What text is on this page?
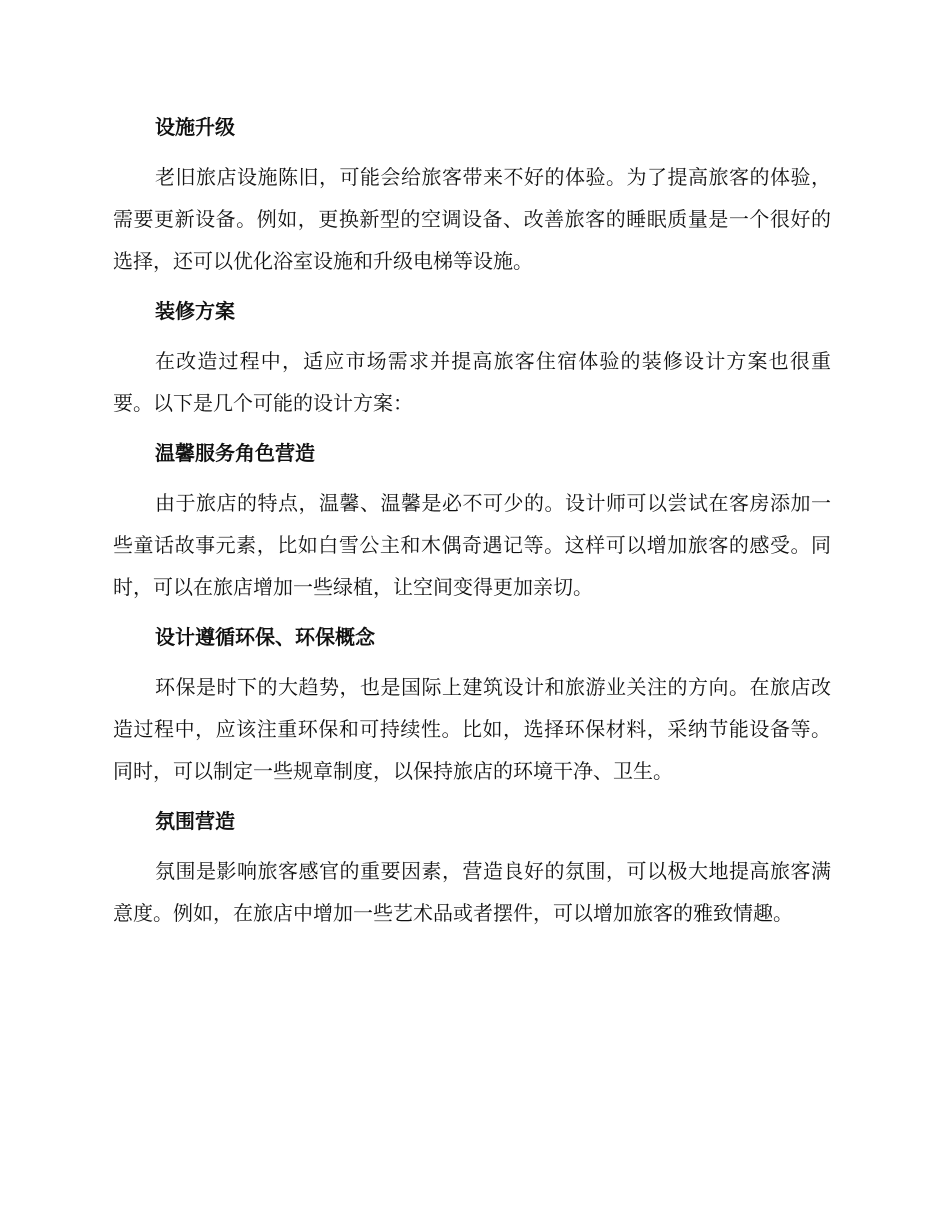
设施升级

老旧旅店设施陈旧，可能会给旅客带来不好的体验。为了提高旅客的体验，需要更新设备。例如，更换新型的空调设备、改善旅客的睡眠质量是一个很好的选择，还可以优化浴室设施和升级电梯等设施。

装修方案

在改造过程中，适应市场需求并提高旅客住宿体验的装修设计方案也很重要。以下是几个可能的设计方案：

温馨服务角色营造

由于旅店的特点，温馨、温馨是必不可少的。设计师可以尝试在客房添加一些童话故事元素，比如白雪公主和木偶奇遇记等。这样可以增加旅客的感受。同时，可以在旅店增加一些绿植，让空间变得更加亲切。

设计遵循环保、环保概念

环保是时下的大趋势，也是国际上建筑设计和旅游业关注的方向。在旅店改造过程中，应该注重环保和可持续性。比如，选择环保材料，采纳节能设备等。同时，可以制定一些规章制度，以保持旅店的环境干净、卫生。

氛围营造

氛围是影响旅客感官的重要因素，营造良好的氛围，可以极大地提高旅客满意度。例如，在旅店中增加一些艺术品或者摆件，可以增加旅客的雅致情趣。
